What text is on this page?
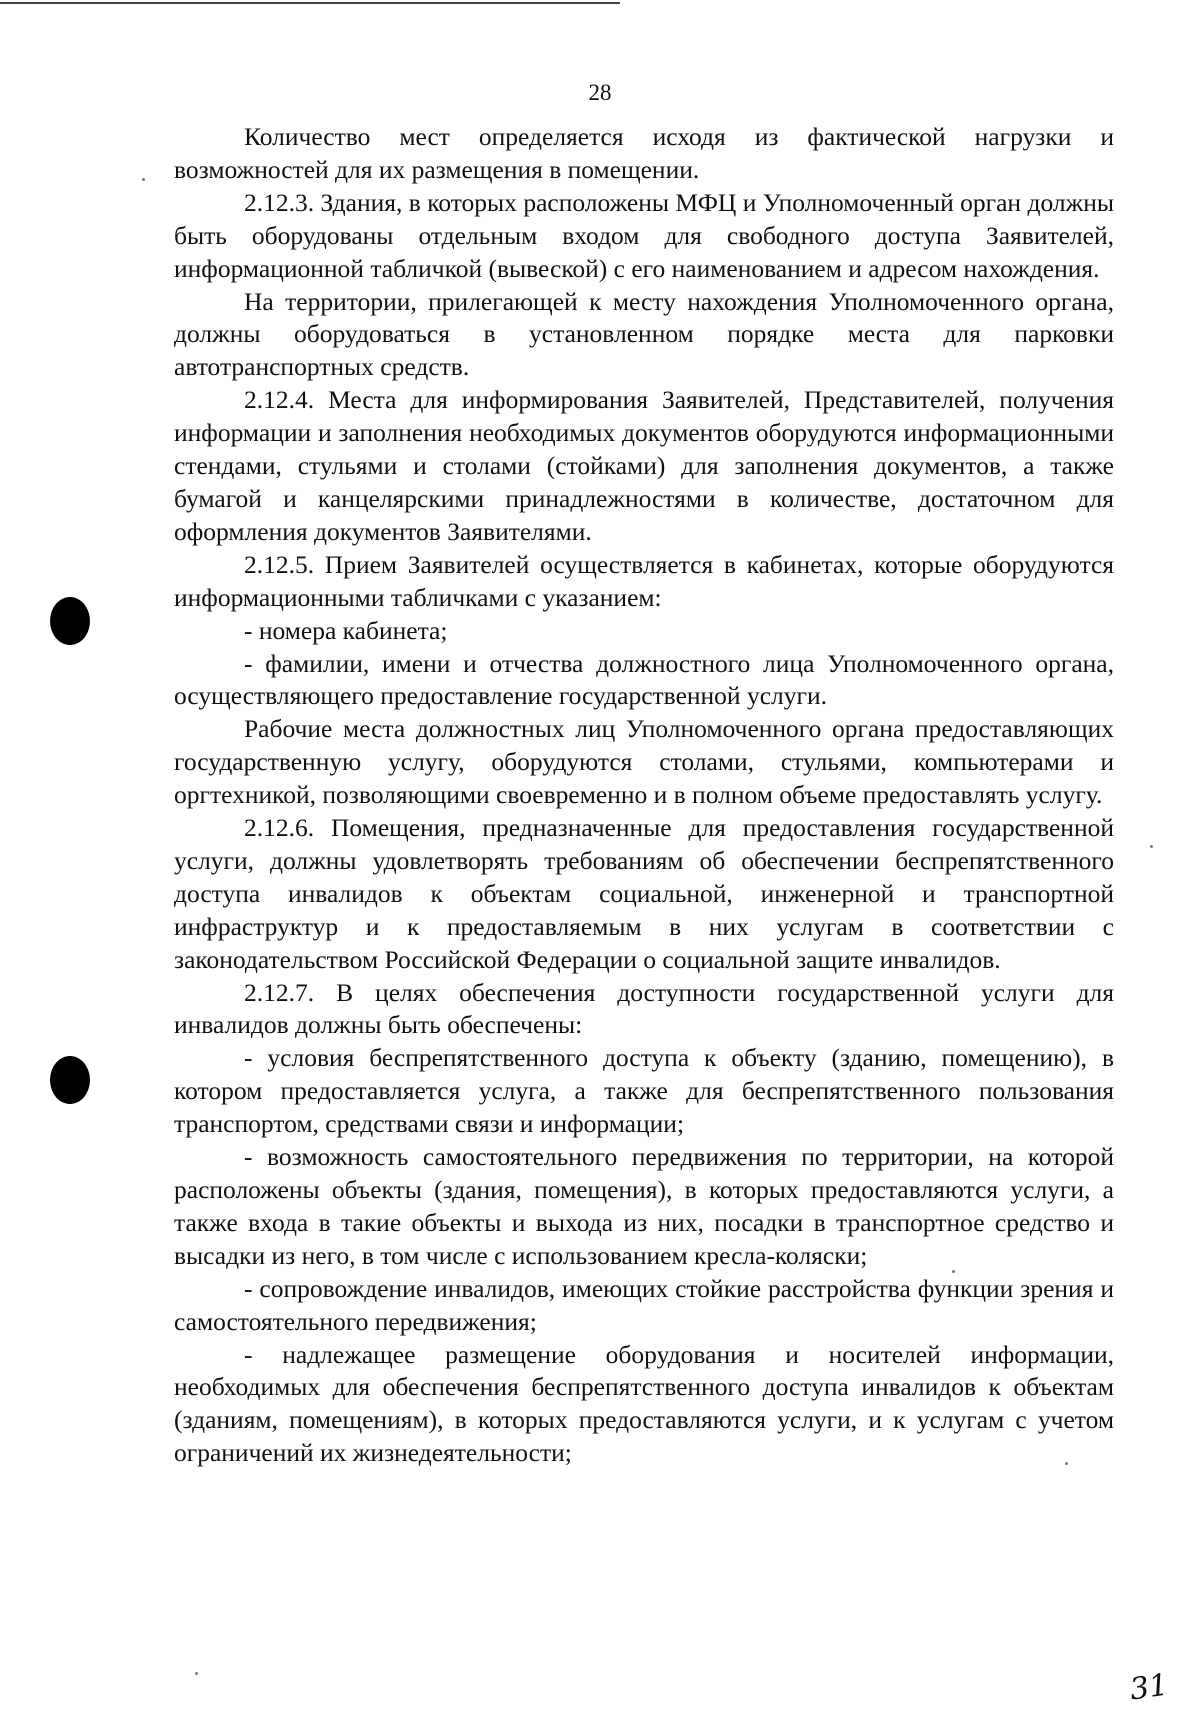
28

Количество мест определяется исходя из фактической нагрузки и возможностей для их размещения в помещении.

2.12.3. Здания, в которых расположены МФЦ и Уполномоченный орган должны быть оборудованы отдельным входом для свободного доступа Заявителей, информационной табличкой (вывеской) с его наименованием и адресом нахождения.

На территории, прилегающей к месту нахождения Уполномоченного органа, должны оборудоваться в установленном порядке места для парковки автотранспортных средств.

2.12.4. Места для информирования Заявителей, Представителей, получения информации и заполнения необходимых документов оборудуются информационными стендами, стульями и столами (стойками) для заполнения документов, а также бумагой и канцелярскими принадлежностями в количестве, достаточном для оформления документов Заявителями.

2.12.5. Прием Заявителей осуществляется в кабинетах, которые оборудуются информационными табличками с указанием:

- номера кабинета;

- фамилии, имени и отчества должностного лица Уполномоченного органа, осуществляющего предоставление государственной услуги.

Рабочие места должностных лиц Уполномоченного органа предоставляющих государственную услугу, оборудуются столами, стульями, компьютерами и оргтехникой, позволяющими своевременно и в полном объеме предоставлять услугу.

2.12.6. Помещения, предназначенные для предоставления государственной услуги, должны удовлетворять требованиям об обеспечении беспрепятственного доступа инвалидов к объектам социальной, инженерной и транспортной инфраструктур и к предоставляемым в них услугам в соответствии с законодательством Российской Федерации о социальной защите инвалидов.

2.12.7. В целях обеспечения доступности государственной услуги для инвалидов должны быть обеспечены:

- условия беспрепятственного доступа к объекту (зданию, помещению), в котором предоставляется услуга, а также для беспрепятственного пользования транспортом, средствами связи и информации;

- возможность самостоятельного передвижения по территории, на которой расположены объекты (здания, помещения), в которых предоставляются услуги, а также входа в такие объекты и выхода из них, посадки в транспортное средство и высадки из него, в том числе с использованием кресла-коляски;

- сопровождение инвалидов, имеющих стойкие расстройства функции зрения и самостоятельного передвижения;

- надлежащее размещение оборудования и носителей информации, необходимых для обеспечения беспрепятственного доступа инвалидов к объектам (зданиям, помещениям), в которых предоставляются услуги, и к услугам с учетом ограничений их жизнедеятельности;

31
